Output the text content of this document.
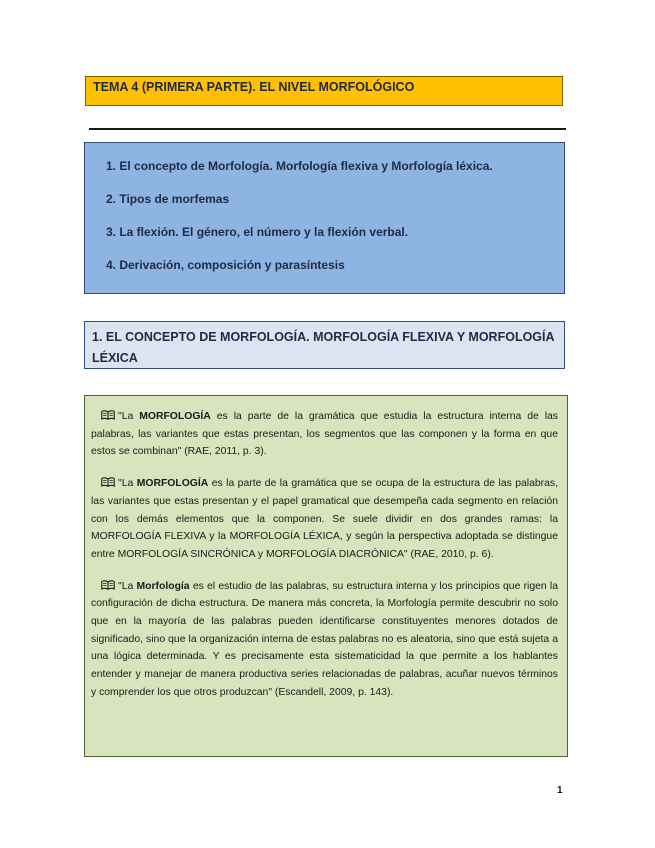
TEMA 4 (PRIMERA PARTE). EL NIVEL MORFOLÓGICO
1. El concepto de Morfología. Morfología flexiva y Morfología léxica.
2. Tipos de morfemas
3. La flexión. El género, el número y la flexión verbal.
4. Derivación, composición y parasíntesis
1. EL CONCEPTO DE MORFOLOGÍA. MORFOLOGÍA FLEXIVA Y MORFOLOGÍA LÉXICA

"La MORFOLOGÍA es la parte de la gramática que estudia la estructura interna de las palabras, las variantes que estas presentan, los segmentos que las componen y la forma en que estos se combinan" (RAE, 2011, p. 3).

"La MORFOLOGÍA es la parte de la gramática que se ocupa de la estructura de las palabras, las variantes que estas presentan y el papel gramatical que desempeña cada segmento en relación con los demás elementos que la componen. Se suele dividir en dos grandes ramas: la MORFOLOGÍA FLEXIVA y la MORFOLOGÍA LÉXICA, y según la perspectiva adoptada se distingue entre MORFOLOGÍA SINCRÓNICA y MORFOLOGÍA DIACRÓNICA" (RAE, 2010, p. 6).

"La Morfología es el estudio de las palabras, su estructura interna y los principios que rigen la configuración de dicha estructura. De manera más concreta, la Morfología permite descubrir no solo que en la mayoría de las palabras pueden identificarse constituyentes menores dotados de significado, sino que la organización interna de estas palabras no es aleatoria, sino que está sujeta a una lógica determinada. Y es precisamente esta sistematicidad la que permite a los hablantes entender y manejar de manera productiva series relacionadas de palabras, acuñar nuevos términos y comprender los que otros produzcan" (Escandell, 2009, p. 143).

1
